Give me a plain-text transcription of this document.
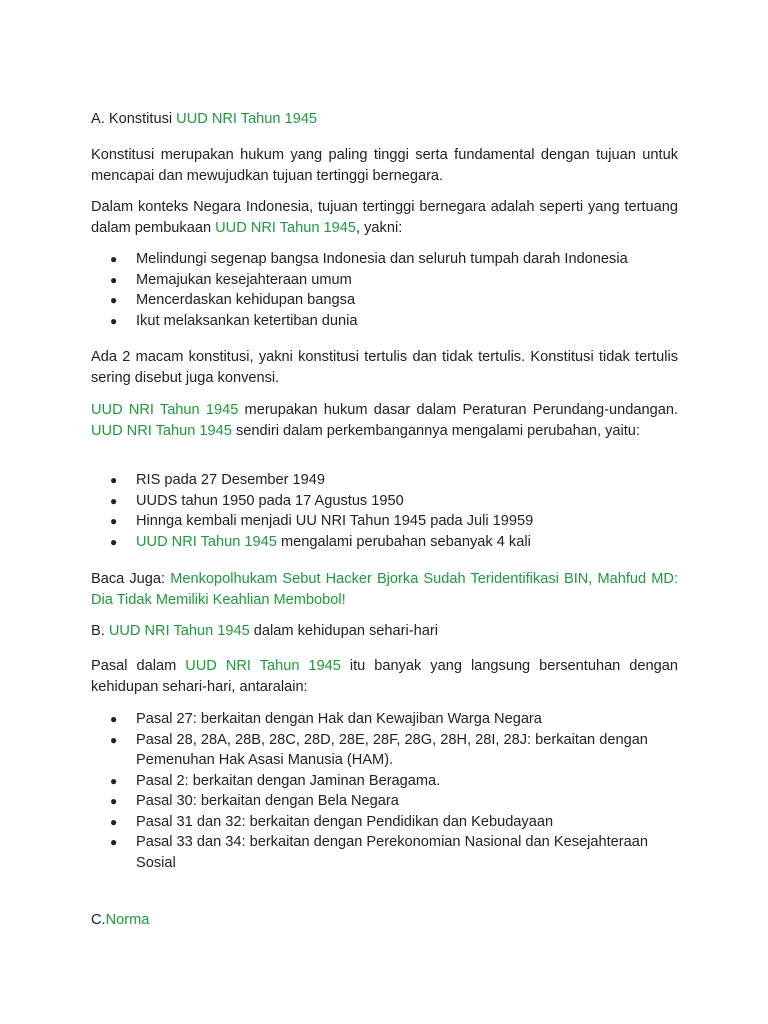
A. Konstitusi UUD NRI Tahun 1945

Konstitusi merupakan hukum yang paling tinggi serta fundamental dengan tujuan untuk mencapai dan mewujudkan tujuan tertinggi bernegara.

Dalam konteks Negara Indonesia, tujuan tertinggi bernegara adalah seperti yang tertuang dalam pembukaan UUD NRI Tahun 1945, yakni:

●	Melindungi segenap bangsa Indonesia dan seluruh tumpah darah Indonesia
●	Memajukan kesejahteraan umum
●	Mencerdaskan kehidupan bangsa
●	Ikut melaksankan ketertiban dunia

Ada 2 macam konstitusi, yakni konstitusi tertulis dan tidak tertulis. Konstitusi tidak tertulis sering disebut juga konvensi.

UUD NRI Tahun 1945 merupakan hukum dasar dalam Peraturan Perundang-undangan. UUD NRI Tahun 1945 sendiri dalam perkembangannya mengalami perubahan, yaitu:

●	RIS pada 27 Desember 1949
●	UUDS tahun 1950 pada 17 Agustus 1950
●	Hinnga kembali menjadi UU NRI Tahun 1945 pada Juli 19959
●	UUD NRI Tahun 1945 mengalami perubahan sebanyak 4 kali

Baca Juga: Menkopolhukam Sebut Hacker Bjorka Sudah Teridentifikasi BIN, Mahfud MD: Dia Tidak Memiliki Keahlian Membobol!

B. UUD NRI Tahun 1945 dalam kehidupan sehari-hari

Pasal dalam UUD NRI Tahun 1945 itu banyak yang langsung bersentuhan dengan kehidupan sehari-hari, antaralain:

●	Pasal 27: berkaitan dengan Hak dan Kewajiban Warga Negara
●	Pasal 28, 28A, 28B, 28C, 28D, 28E, 28F, 28G, 28H, 28I, 28J: berkaitan dengan Pemenuhan Hak Asasi Manusia (HAM).
●	Pasal 2: berkaitan dengan Jaminan Beragama.
●	Pasal 30: berkaitan dengan Bela Negara
●	Pasal 31 dan 32: berkaitan dengan Pendidikan dan Kebudayaan
●	Pasal 33 dan 34: berkaitan dengan Perekonomian Nasional dan Kesejahteraan Sosial

C.Norma
